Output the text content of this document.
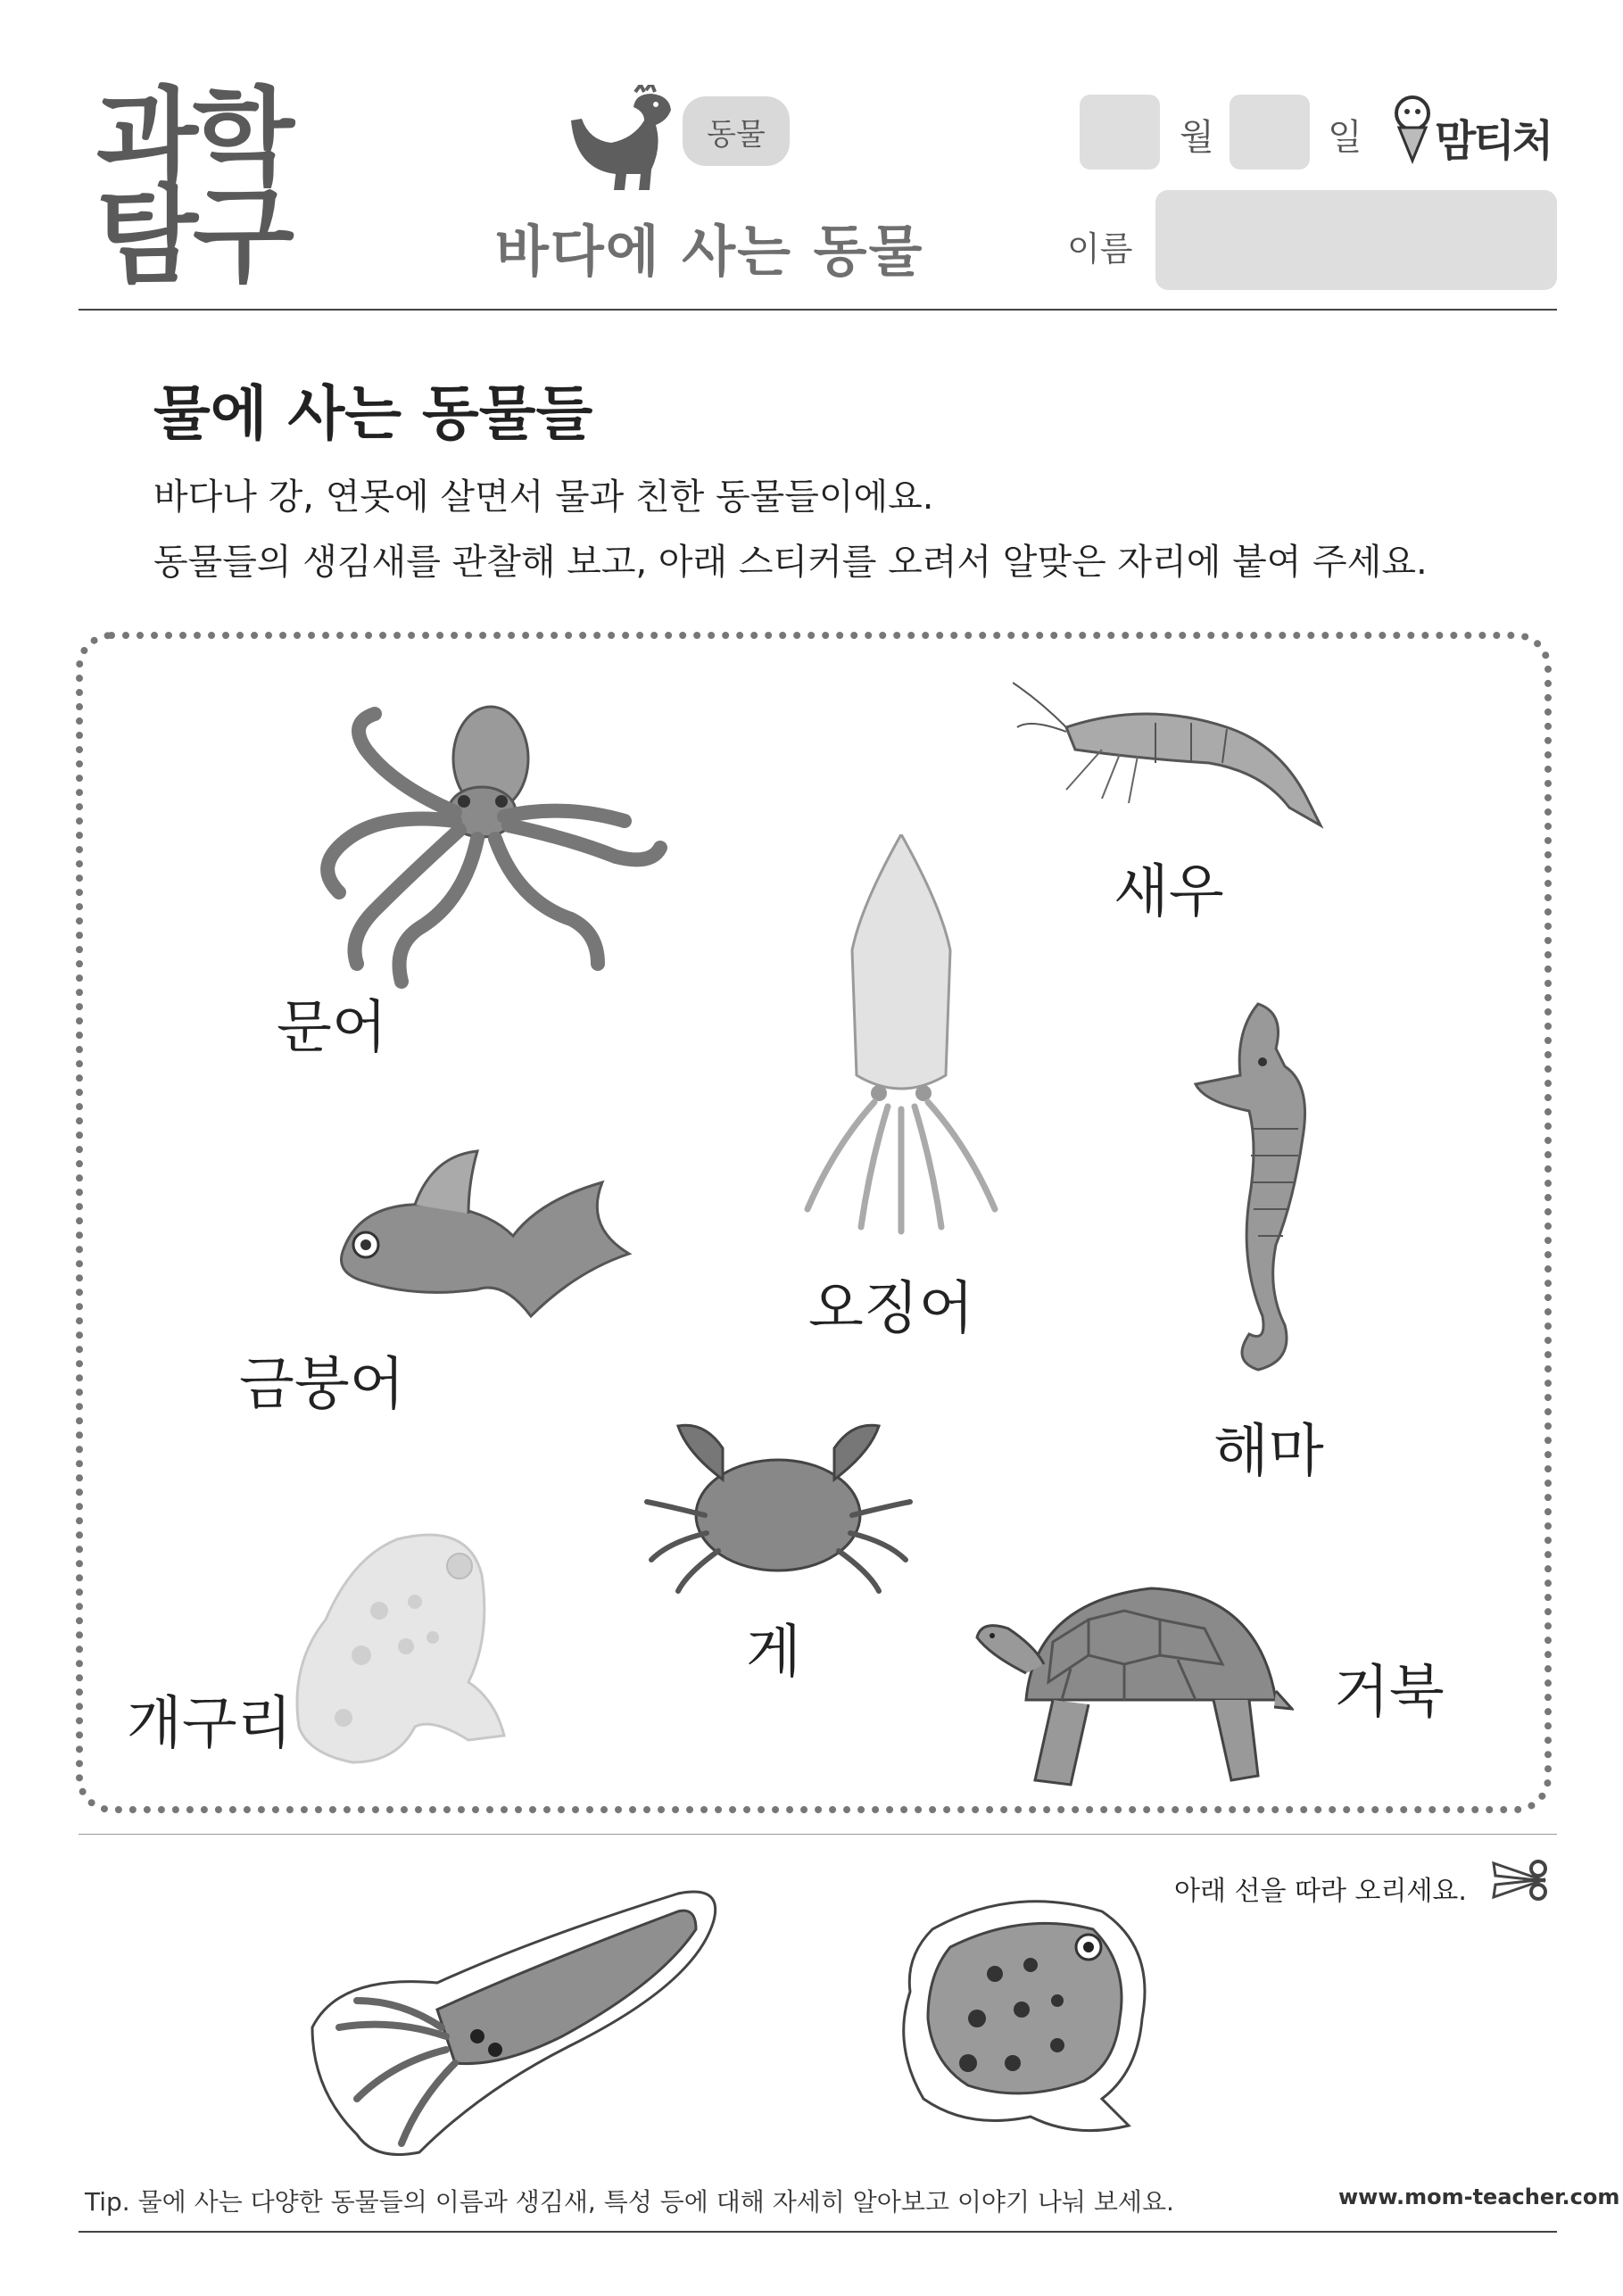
과학
탐구
동물
바다에 사는 동물
월	일
이름
맘티처
물에 사는 동물들
바다나 강, 연못에 살면서 물과 친한 동물들이에요.
동물들의 생김새를 관찰해 보고, 아래 스티커를 오려서 알맞은 자리에 붙여 주세요.
문어
새우
오징어
해마
금붕어
게
개구리	거북
아래 선을 따라 오리세요.
Tip. 물에 사는 다양한 동물들의 이름과 생김새, 특성 등에 대해 자세히 알아보고 이야기 나눠 보세요.	www.mom-teacher.com
